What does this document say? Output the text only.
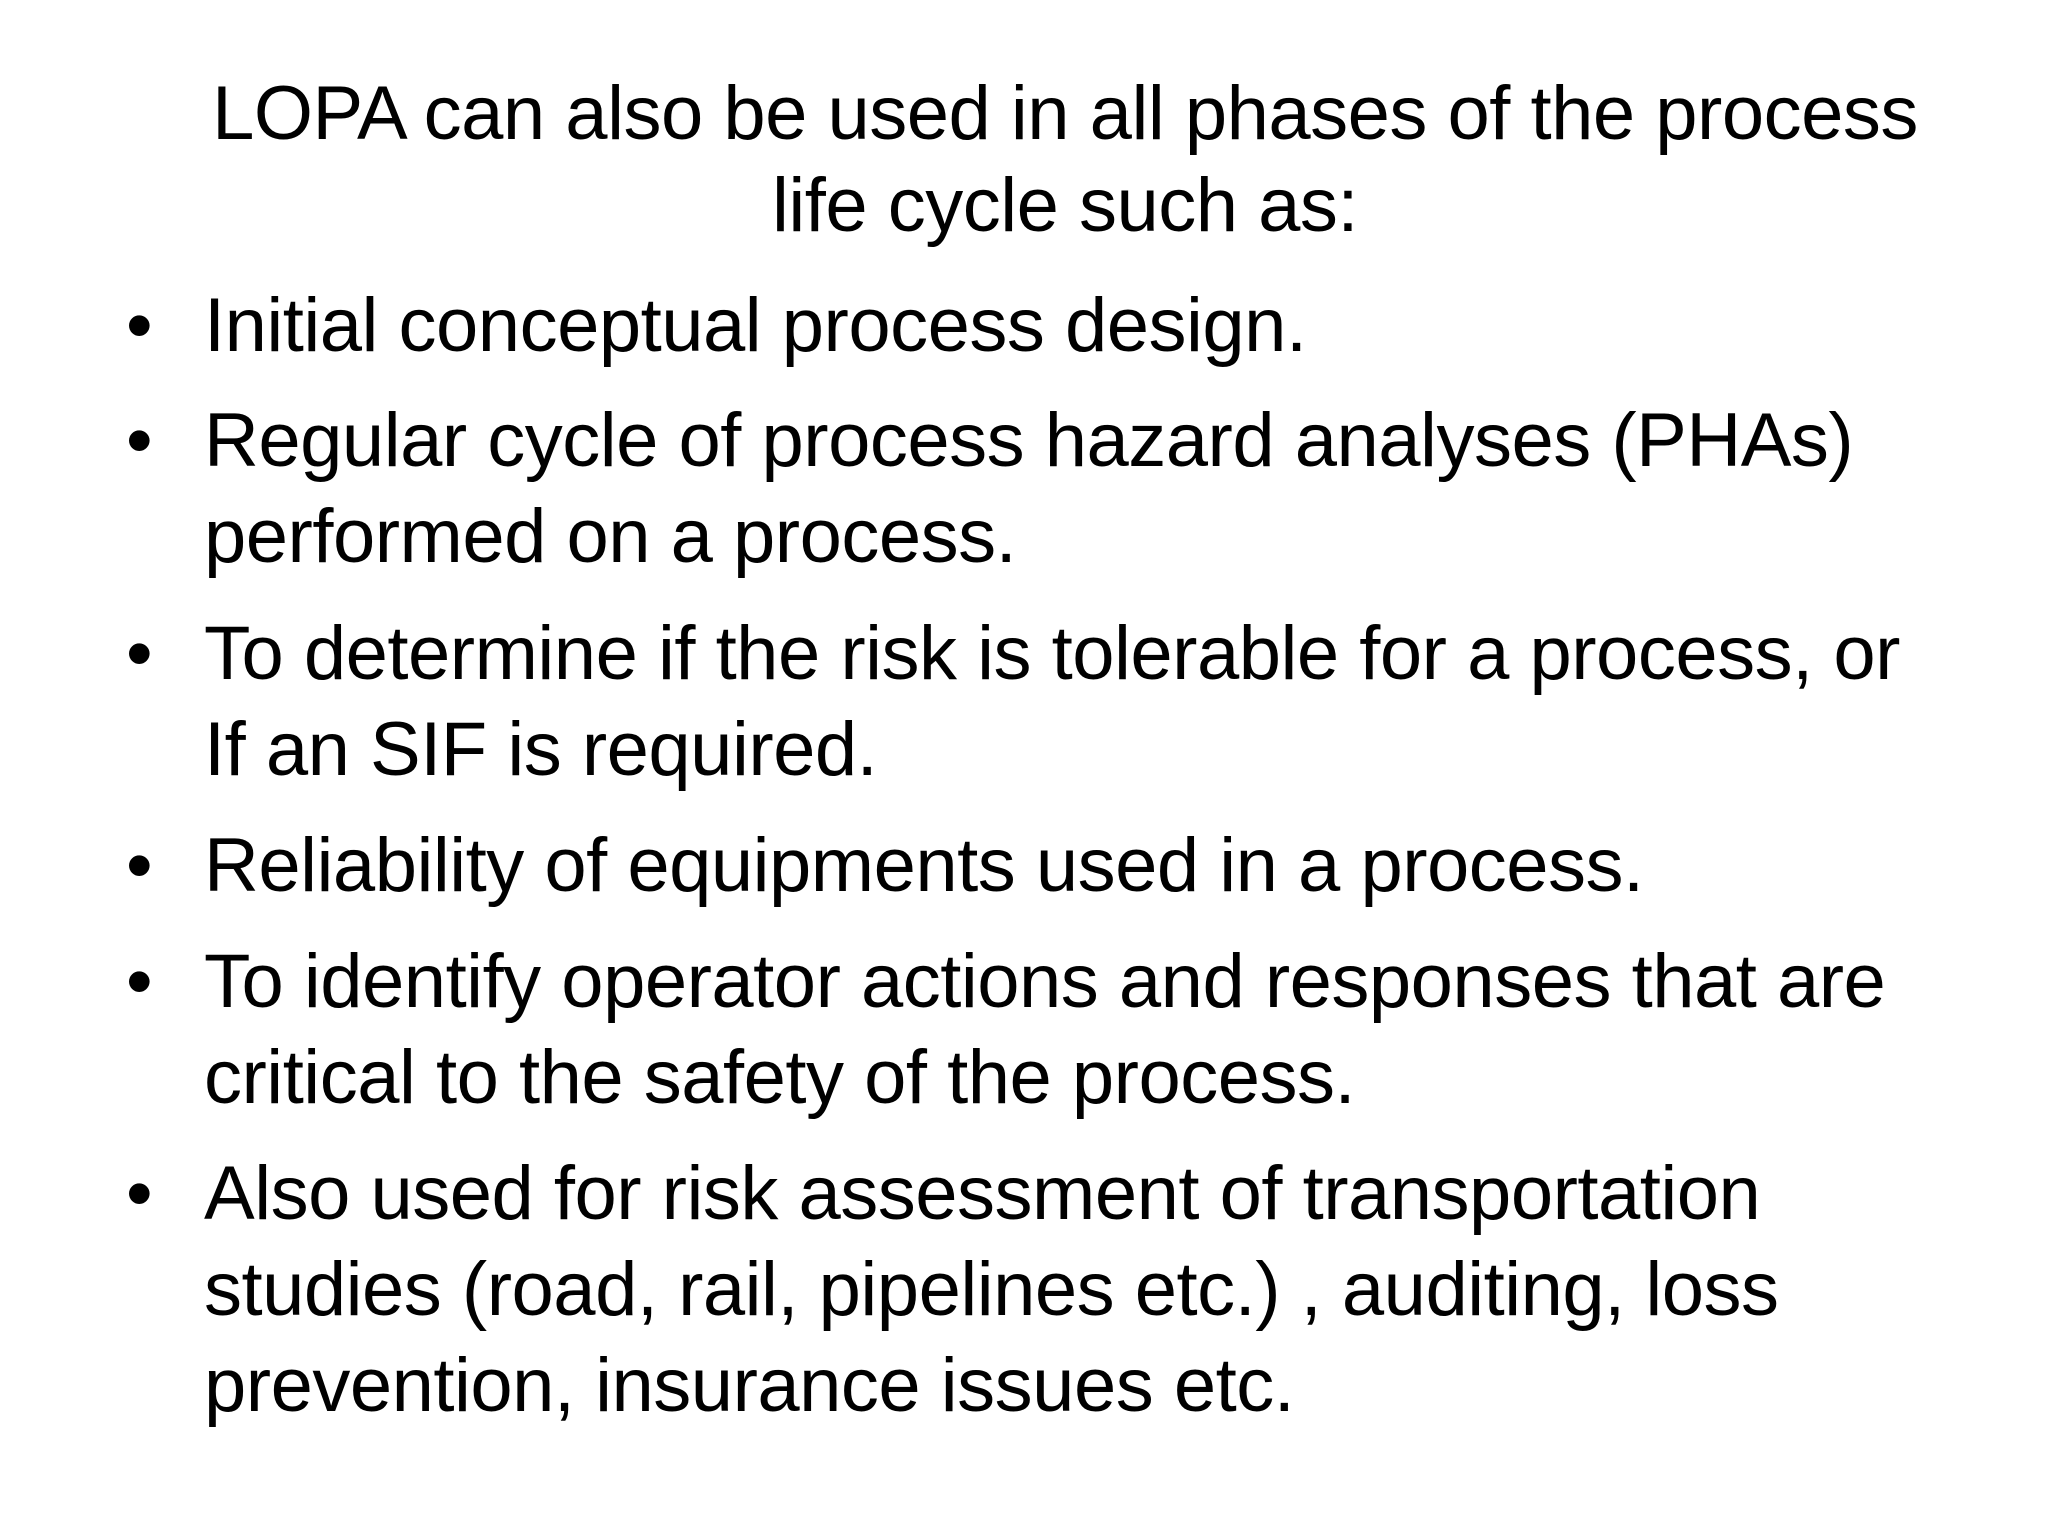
LOPA can also be used in all phases of the process life cycle such as:
• Initial conceptual process design.
• Regular cycle of process hazard analyses (PHAs) performed on a process.
• To determine if the risk is tolerable for a process, or If an SIF is required.
• Reliability of equipments used in a process.
• To identify operator actions and responses that are critical to the safety of the process.
• Also used for risk assessment of transportation studies (road, rail, pipelines etc.) , auditing, loss prevention, insurance issues etc.
